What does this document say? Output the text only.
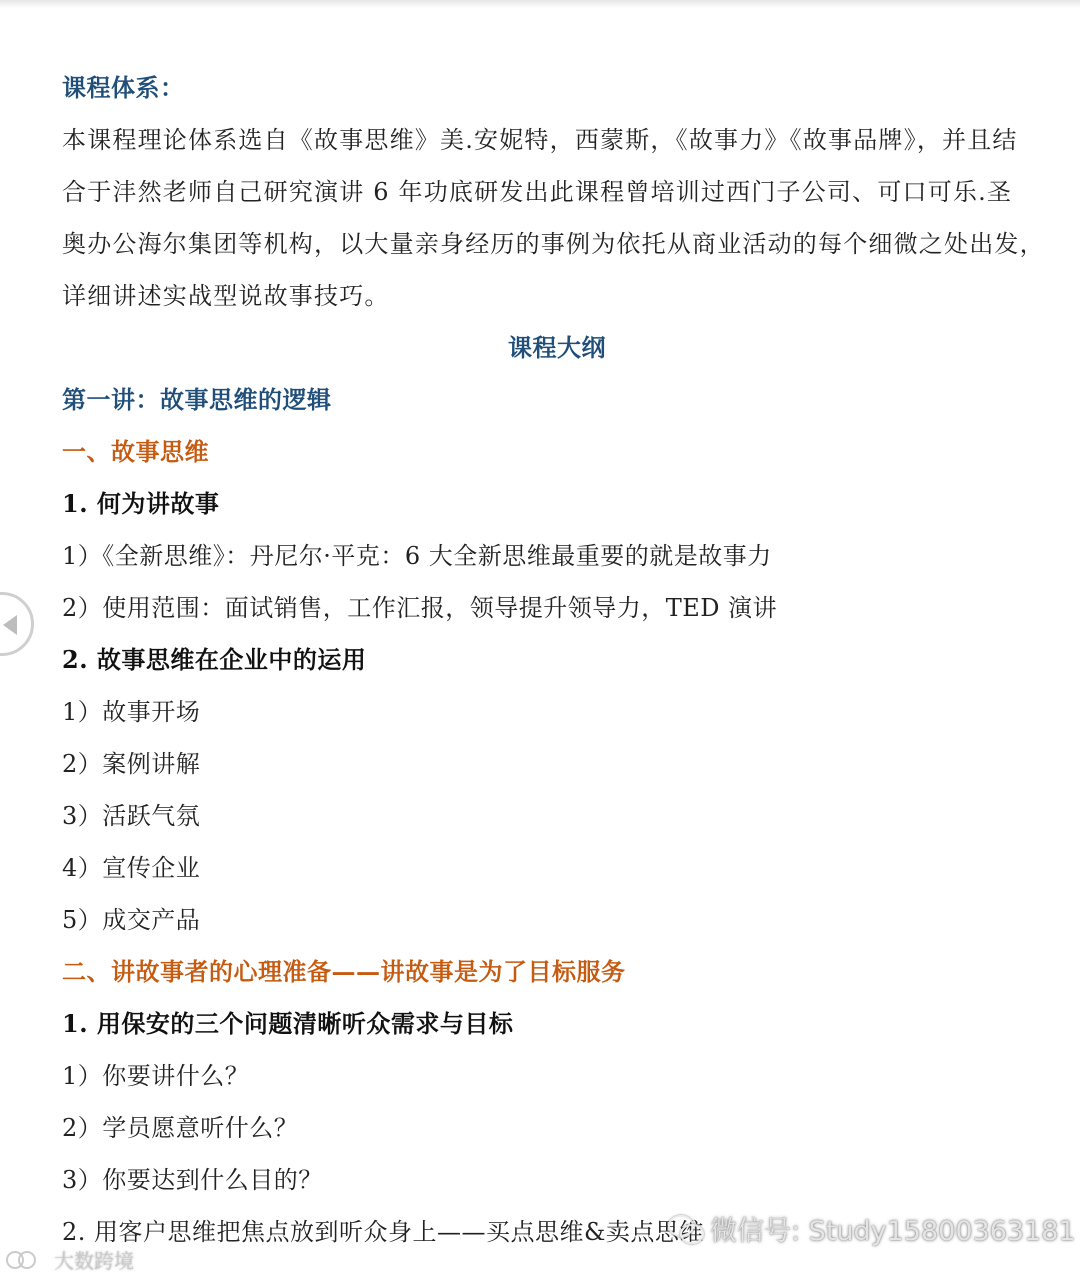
课程体系：
本课程理论体系选自《故事思维》美.安妮特，西蒙斯，《故事力》《故事品牌》，并且结
合于沣然老师自己研究演讲 6 年功底研发出此课程曾培训过西门子公司、可口可乐.圣
奥办公海尔集团等机构，以大量亲身经历的事例为依托从商业活动的每个细微之处出发，
详细讲述实战型说故事技巧。
课程大纲
第一讲：故事思维的逻辑
一、故事思维
1. 何为讲故事
1）《全新思维》：丹尼尔·平克：6 大全新思维最重要的就是故事力
2）使用范围：面试销售，工作汇报，领导提升领导力，TED 演讲
2. 故事思维在企业中的运用
1）故事开场
2）案例讲解
3）活跃气氛
4）宣传企业
5）成交产品
二、讲故事者的心理准备——讲故事是为了目标服务
1. 用保安的三个问题清晰听众需求与目标
1）你要讲什么？
2）学员愿意听什么？
3）你要达到什么目的？
2. 用客户思维把焦点放到听众身上——买点思维&卖点思维
大数跨境
微信号: Study15800363181
